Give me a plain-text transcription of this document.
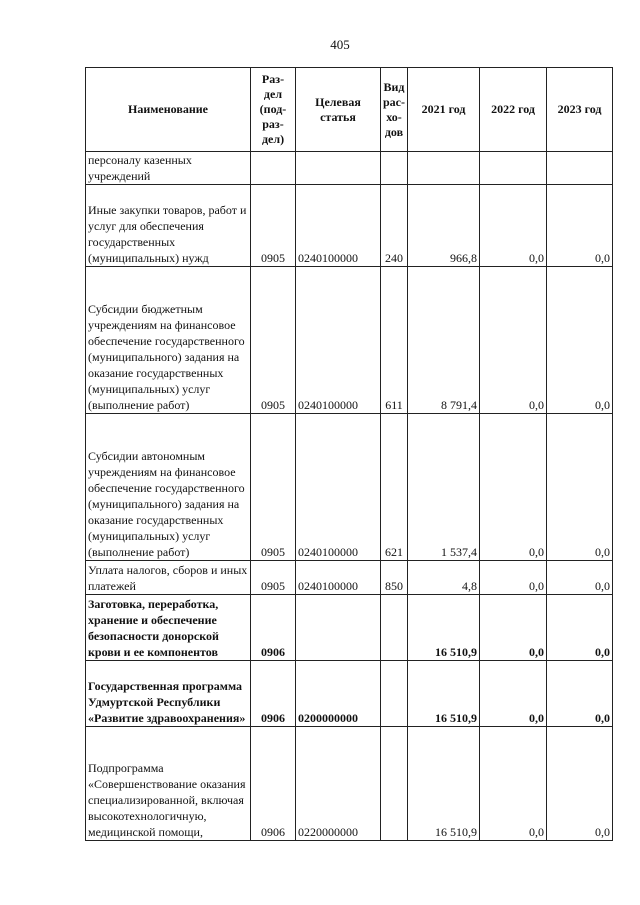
405
Наименование	Раз-дел (под-раз-дел)	Целевая статья	Вид рас-хо-дов	2021 год	2022 год	2023 год
персоналу казенных учреждений						
Иные закупки товаров, работ и услуг для обеспечения государственных (муниципальных) нужд	0905	0240100000	240	966,8	0,0	0,0
Субсидии бюджетным учреждениям на финансовое обеспечение государственного (муниципального) задания на оказание государственных (муниципальных) услуг (выполнение работ)	0905	0240100000	611	8 791,4	0,0	0,0
Субсидии автономным учреждениям на финансовое обеспечение государственного (муниципального) задания на оказание государственных (муниципальных) услуг (выполнение работ)	0905	0240100000	621	1 537,4	0,0	0,0
Уплата налогов, сборов и иных платежей	0905	0240100000	850	4,8	0,0	0,0
Заготовка, переработка, хранение и обеспечение безопасности донорской крови и ее компонентов	0906			16 510,9	0,0	0,0
Государственная программа Удмуртской Республики «Развитие здравоохранения»	0906	0200000000		16 510,9	0,0	0,0
Подпрограмма «Совершенствование оказания специализированной, включая высокотехнологичную, медицинской помощи,	0906	0220000000		16 510,9	0,0	0,0
